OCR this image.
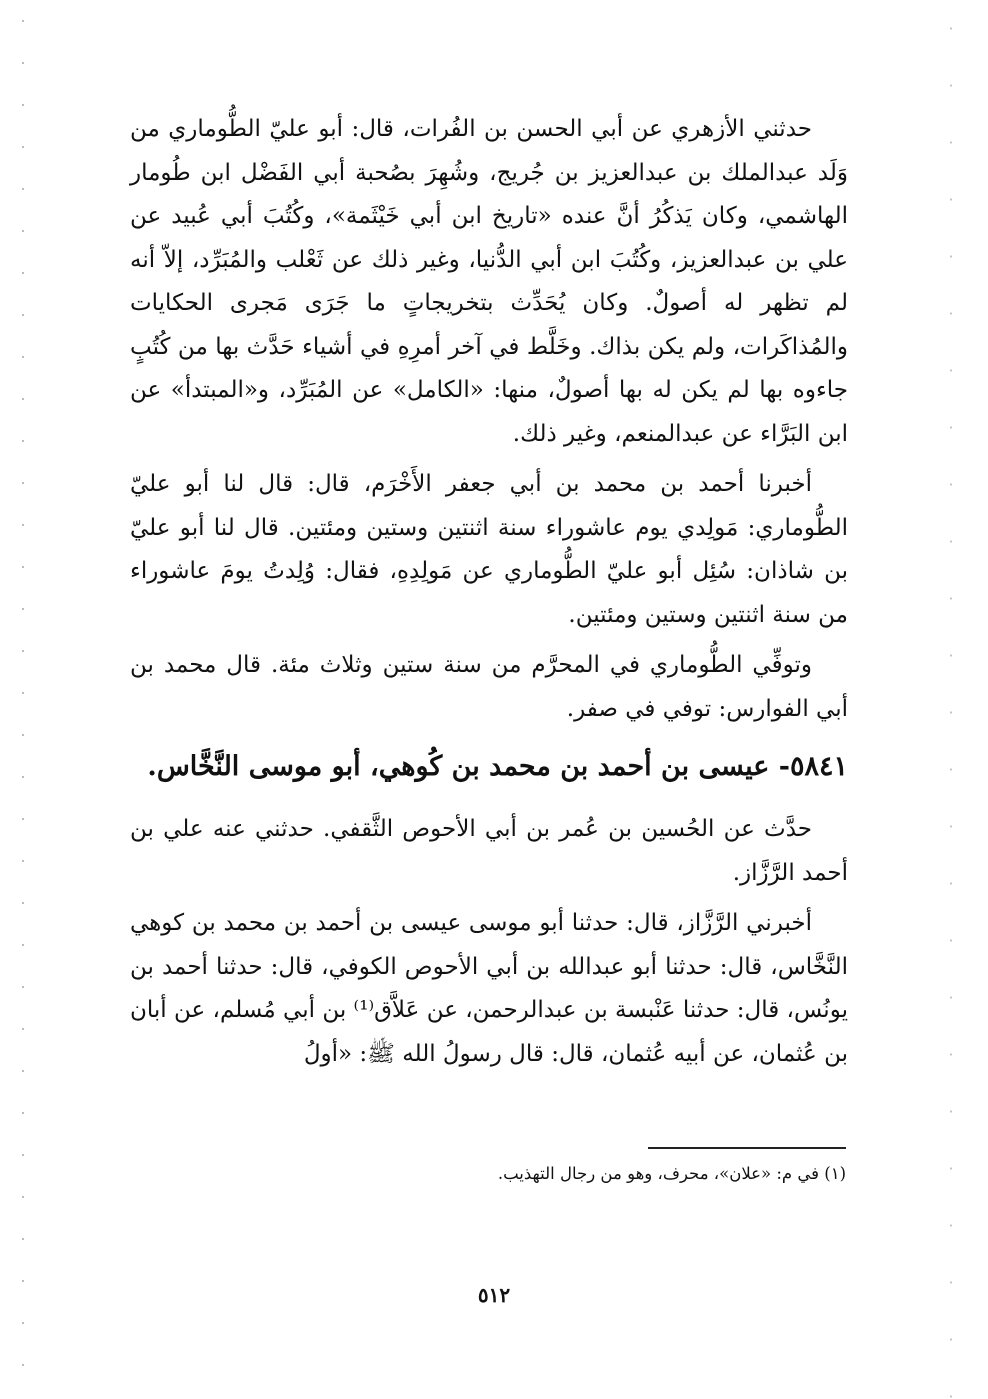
حدثني الأزهري عن أبي الحسن بن الفُرات، قال: أبو عليّ الطُّوماري من وَلَد عبدالملك بن عبدالعزيز بن جُريج، وشُهِرَ بصُحبة أبي الفَضْل ابن طُومار الهاشمي، وكان يَذكُرُ أنَّ عنده «تاريخ ابن أبي خَيْثَمة»، وكُتُبَ أبي عُبيد عن علي بن عبدالعزيز، وكُتُبَ ابن أبي الدُّنيا، وغير ذلك عن ثَعْلب والمُبَرِّد، إلاّ أنه لم تظهر له أصولٌ. وكان يُحَدِّث بتخريجاتٍ ما جَرَى مَجرى الحكايات والمُذاكَرات، ولم يكن بذاك. وخَلَّط في آخر أمرِهِ في أشياء حَدَّث بها من كُتُبٍ جاءوه بها لم يكن له بها أصولٌ، منها: «الكامل» عن المُبَرِّد، و«المبتدأ» عن ابن البَرَّاء عن عبدالمنعم، وغير ذلك.

أخبرنا أحمد بن محمد بن أبي جعفر الأَخْرَم، قال: قال لنا أبو عليّ الطُّوماري: مَولِدي يوم عاشوراء سنة اثنتين وستين ومئتين. قال لنا أبو عليّ بن شاذان: سُئِل أبو عليّ الطُّوماري عن مَولِدِهِ، فقال: وُلِدتُ يومَ عاشوراء من سنة اثنتين وستين ومئتين.

وتوفِّي الطُّوماري في المحرَّم من سنة ستين وثلاث مئة. قال محمد بن أبي الفوارس: توفي في صفر.

٥٨٤١- عيسى بن أحمد بن محمد بن كُوهي، أبو موسى النَّخَّاس.

حدَّث عن الحُسين بن عُمر بن أبي الأحوص الثَّقفي. حدثني عنه علي بن أحمد الرَّزَّاز.

أخبرني الرَّزَّاز، قال: حدثنا أبو موسى عيسى بن أحمد بن محمد بن كوهي النَّخَّاس، قال: حدثنا أبو عبدالله بن أبي الأحوص الكوفي، قال: حدثنا أحمد بن يونُس، قال: حدثنا عَنْبسة بن عبدالرحمن، عن عَلاَّق⁽¹⁾ بن أبي مُسلم، عن أبان بن عُثمان، عن أبيه عُثمان، قال: قال رسولُ الله ﷺ: «أولُ

(١) في م: «علان»، محرف، وهو من رجال التهذيب.
٥١٢
